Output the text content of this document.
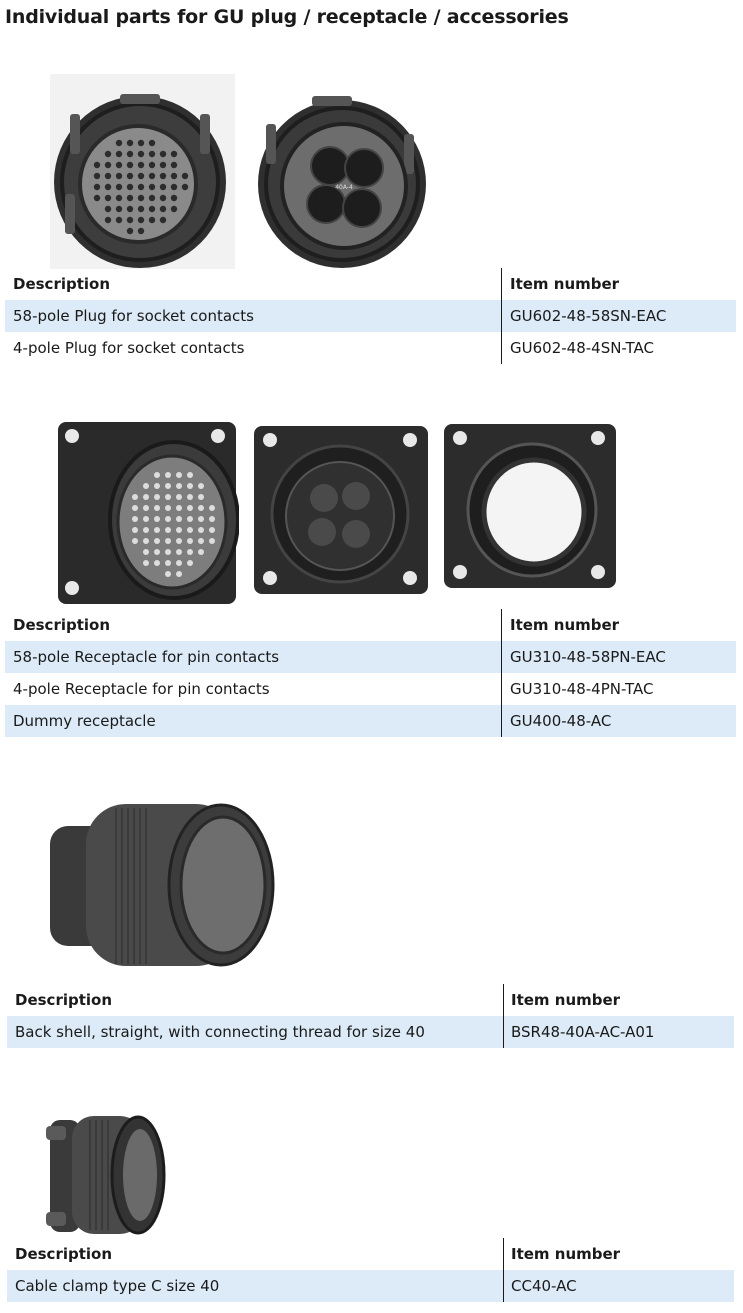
Individual parts for GU plug / receptacle / accessories
40A-4
Description	Item number
58-pole Plug for socket contacts	GU602-48-58SN-EAC
4-pole Plug for socket contacts	GU602-48-4SN-TAC
Description	Item number
58-pole Receptacle for pin contacts	GU310-48-58PN-EAC
4-pole Receptacle for pin contacts	GU310-48-4PN-TAC
Dummy receptacle	GU400-48-AC
Description	Item number
Back shell, straight, with connecting thread for size 40	BSR48-40A-AC-A01
Description	Item number
Cable clamp type C size 40	CC40-AC
